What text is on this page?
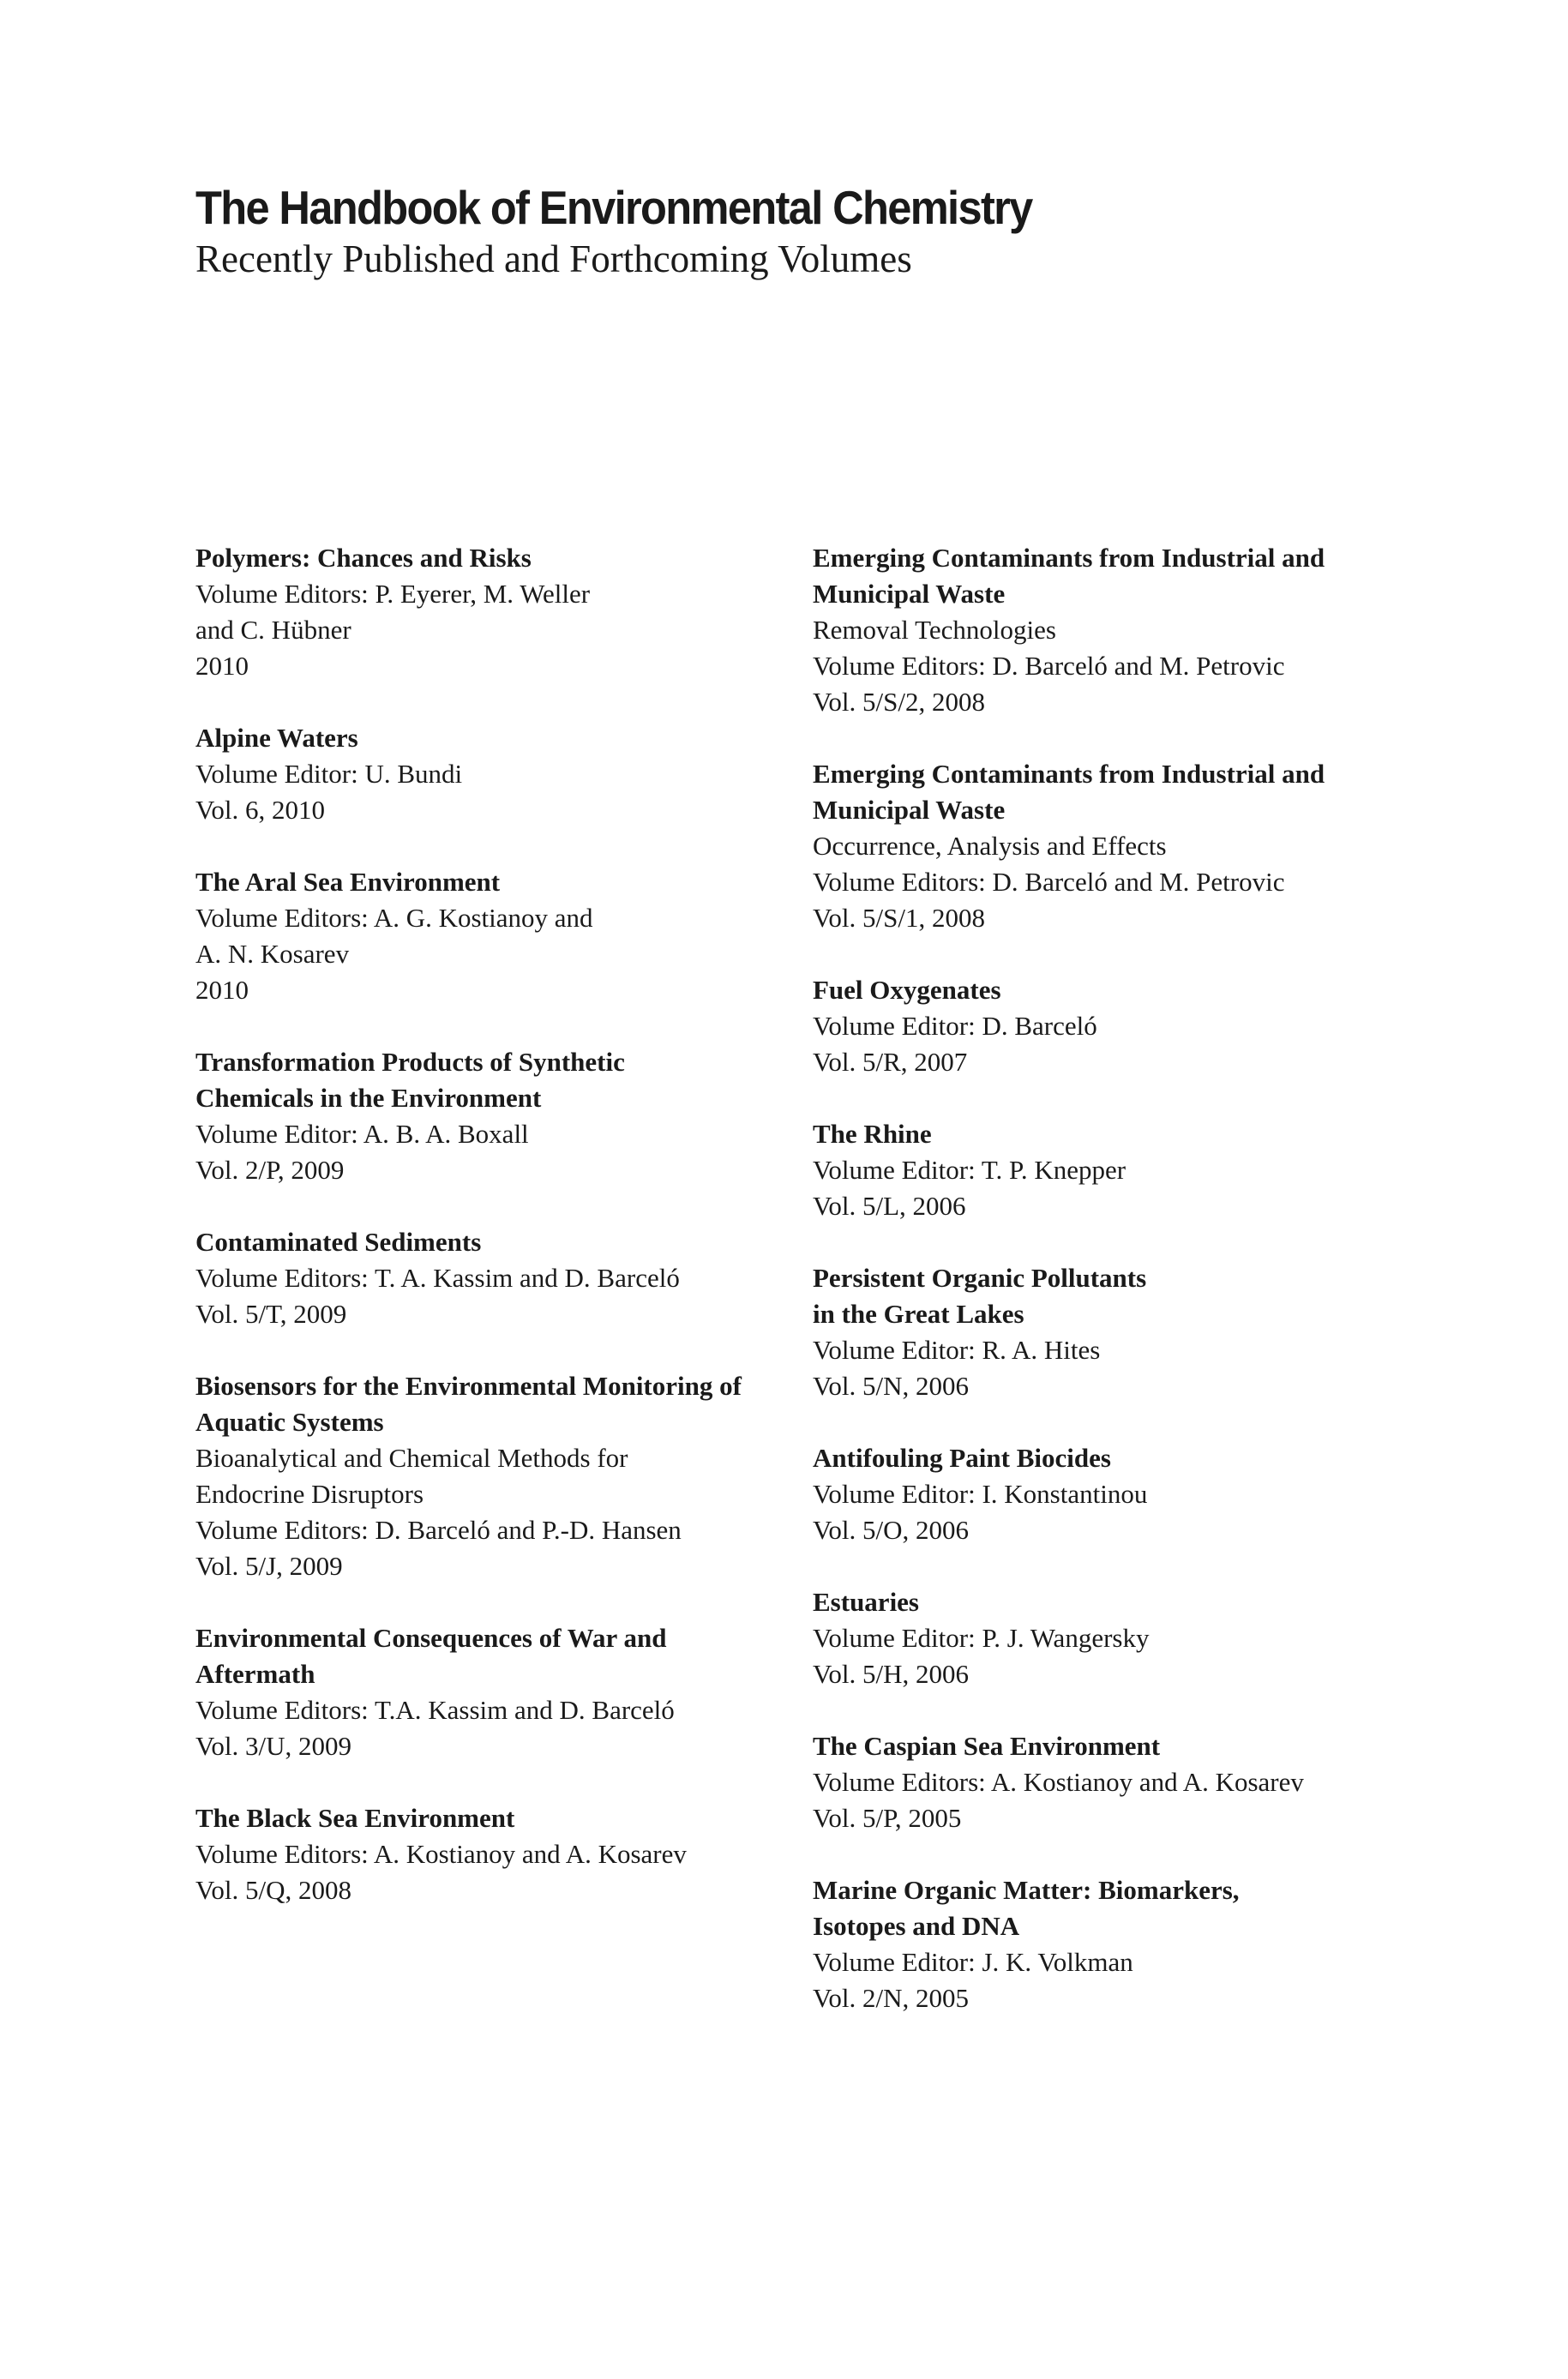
The Handbook of Environmental Chemistry

Recently Published and Forthcoming Volumes

Polymers: Chances and Risks
Volume Editors: P. Eyerer, M. Weller
and C. Hübner
2010
Alpine Waters
Volume Editor: U. Bundi
Vol. 6, 2010
The Aral Sea Environment
Volume Editors: A. G. Kostianoy and
A. N. Kosarev
2010
Transformation Products of Synthetic
Chemicals in the Environment
Volume Editor: A. B. A. Boxall
Vol. 2/P, 2009
Contaminated Sediments
Volume Editors: T. A. Kassim and D. Barceló
Vol. 5/T, 2009
Biosensors for the Environmental Monitoring of
Aquatic Systems
Bioanalytical and Chemical Methods for
Endocrine Disruptors
Volume Editors: D. Barceló and P.-D. Hansen
Vol. 5/J, 2009
Environmental Consequences of War and
Aftermath
Volume Editors: T.A. Kassim and D. Barceló
Vol. 3/U, 2009
The Black Sea Environment
Volume Editors: A. Kostianoy and A. Kosarev
Vol. 5/Q, 2008
Emerging Contaminants from Industrial and
Municipal Waste
Removal Technologies
Volume Editors: D. Barceló and M. Petrovic
Vol. 5/S/2, 2008
Emerging Contaminants from Industrial and
Municipal Waste
Occurrence, Analysis and Effects
Volume Editors: D. Barceló and M. Petrovic
Vol. 5/S/1, 2008
Fuel Oxygenates
Volume Editor: D. Barceló
Vol. 5/R, 2007
The Rhine
Volume Editor: T. P. Knepper
Vol. 5/L, 2006
Persistent Organic Pollutants
in the Great Lakes
Volume Editor: R. A. Hites
Vol. 5/N, 2006
Antifouling Paint Biocides
Volume Editor: I. Konstantinou
Vol. 5/O, 2006
Estuaries
Volume Editor: P. J. Wangersky
Vol. 5/H, 2006
The Caspian Sea Environment
Volume Editors: A. Kostianoy and A. Kosarev
Vol. 5/P, 2005
Marine Organic Matter: Biomarkers,
Isotopes and DNA
Volume Editor: J. K. Volkman
Vol. 2/N, 2005
